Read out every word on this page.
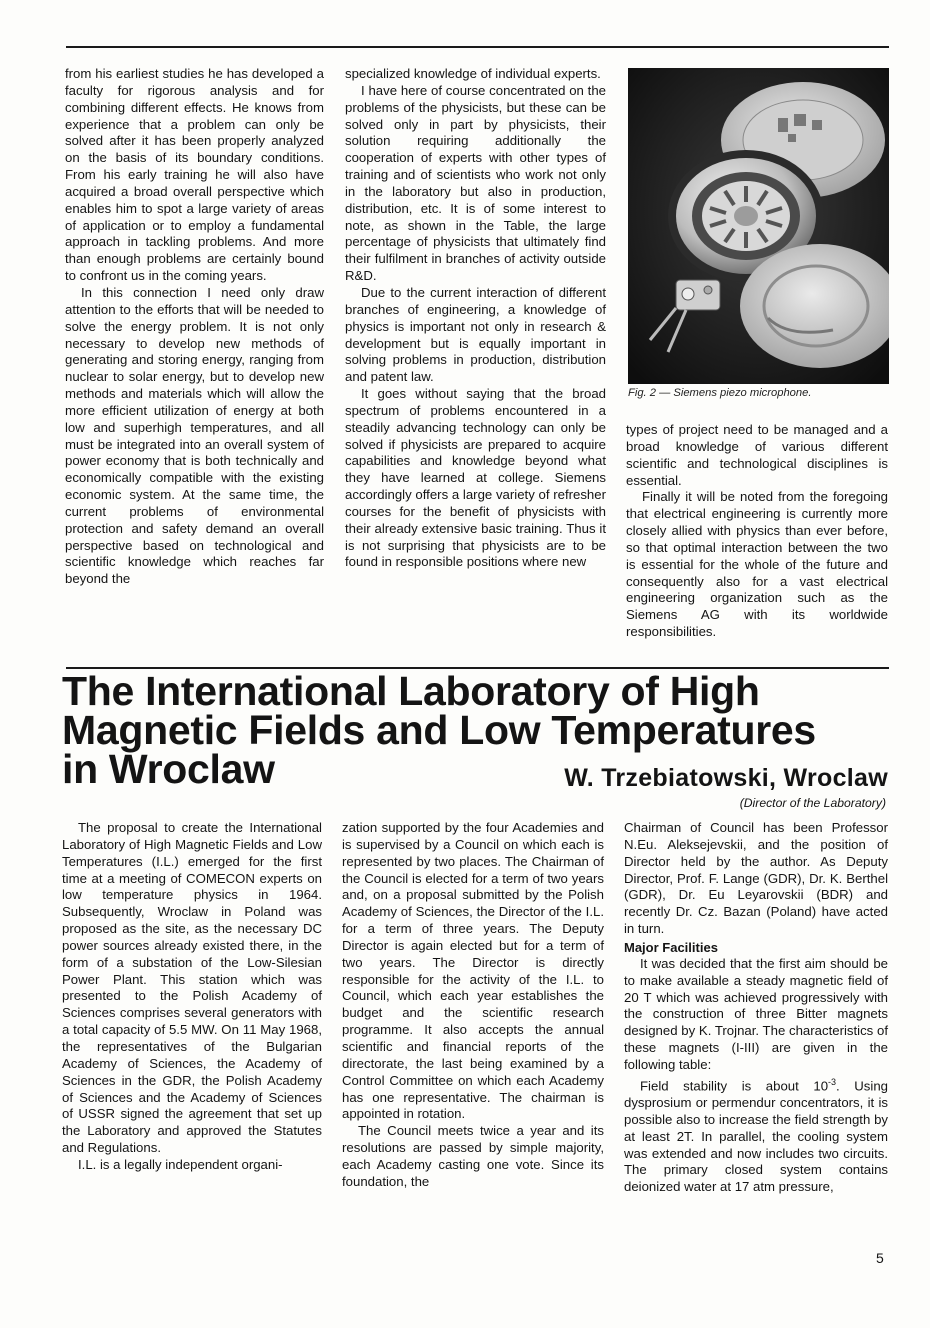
from his earliest studies he has developed a faculty for rigorous analysis and for combining different effects. He knows from experience that a problem can only be solved after it has been properly analyzed on the basis of its boundary conditions. From his early training he will also have acquired a broad overall perspective which enables him to spot a large variety of areas of application or to employ a fundamental approach in tackling problems. And more than enough problems are certainly bound to confront us in the coming years.

In this connection I need only draw attention to the efforts that will be needed to solve the energy problem. It is not only necessary to develop new methods of generating and storing energy, ranging from nuclear to solar energy, but to develop new methods and materials which will allow the more efficient utilization of energy at both low and superhigh temperatures, and all must be integrated into an overall system of power economy that is both technically and economically compatible with the existing economic system. At the same time, the current problems of environmental protection and safety demand an overall perspective based on technological and scientific knowledge which reaches far beyond the

specialized knowledge of individual experts.

I have here of course concentrated on the problems of the physicists, but these can be solved only in part by physicists, their solution requiring additionally the cooperation of experts with other types of training and of scientists who work not only in the laboratory but also in production, distribution, etc. It is of some interest to note, as shown in the Table, the large percentage of physicists that ultimately find their fulfilment in branches of activity outside R&D.

Due to the current interaction of different branches of engineering, a knowledge of physics is important not only in research & development but is equally important in solving problems in production, distribution and patent law.

It goes without saying that the broad spectrum of problems encountered in a steadily advancing technology can only be solved if physicists are prepared to acquire capabilities and knowledge beyond what they have learned at college. Siemens accordingly offers a large variety of refresher courses for the benefit of physicists with their already extensive basic training. Thus it is not surprising that physicists are to be found in responsible positions where new

Fig. 2 — Siemens piezo microphone.

types of project need to be managed and a broad knowledge of various different scientific and technological disciplines is essential.

Finally it will be noted from the foregoing that electrical engineering is currently more closely allied with physics than ever before, so that optimal interaction between the two is essential for the whole of the future and consequently also for a vast electrical engineering organization such as the Siemens AG with its worldwide responsibilities.

The International Laboratory of High
Magnetic Fields and Low Temperatures
in Wroclaw	W. Trzebiatowski, Wroclaw
(Director of the Laboratory)

The proposal to create the International Laboratory of High Magnetic Fields and Low Temperatures (I.L.) emerged for the first time at a meeting of COMECON experts on low temperature physics in 1964. Subsequently, Wroclaw in Poland was proposed as the site, as the necessary DC power sources already existed there, in the form of a substation of the Low-Silesian Power Plant. This station which was presented to the Polish Academy of Sciences comprises several generators with a total capacity of 5.5 MW. On 11 May 1968, the representatives of the Bulgarian Academy of Sciences, the Academy of Sciences in the GDR, the Polish Academy of Sciences and the Academy of Sciences of USSR signed the agreement that set up the Laboratory and approved the Statutes and Regulations.

I.L. is a legally independent organi-

zation supported by the four Academies and is supervised by a Council on which each is represented by two places. The Chairman of the Council is elected for a term of two years and, on a proposal submitted by the Polish Academy of Sciences, the Director of the I.L. for a term of three years. The Deputy Director is again elected but for a term of two years. The Director is directly responsible for the activity of the I.L. to Council, which each year establishes the budget and the scientific research programme. It also accepts the annual scientific and financial reports of the directorate, the last being examined by a Control Committee on which each Academy has one representative. The chairman is appointed in rotation.

The Council meets twice a year and its resolutions are passed by simple majority, each Academy casting one vote. Since its foundation, the

Chairman of Council has been Professor N.Eu. Aleksejevskii, and the position of Director held by the author. As Deputy Director, Prof. F. Lange (GDR), Dr. K. Berthel (GDR), Dr. Eu Leyarovskii (BDR) and recently Dr. Cz. Bazan (Poland) have acted in turn.

Major Facilities

It was decided that the first aim should be to make available a steady magnetic field of 20 T which was achieved progressively with the construction of three Bitter magnets designed by K. Trojnar. The characteristics of these magnets (I-III) are given in the following table:

Field stability is about $10^{-3}$. Using dysprosium or permendur concentrators, it is possible also to increase the field strength by at least 2T. In parallel, the cooling system was extended and now includes two circuits. The primary closed system contains deionized water at 17 atm pressure,

5
